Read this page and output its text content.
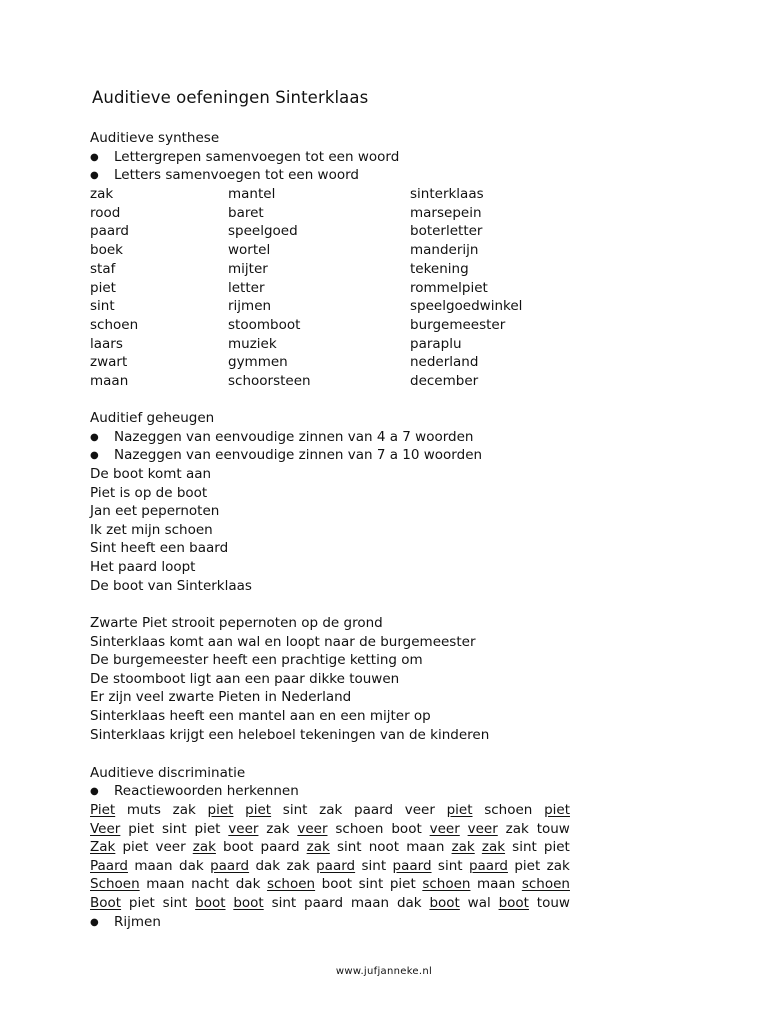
Auditieve oefeningen Sinterklaas
Auditieve synthese
● Lettergrepen samenvoegen tot een woord
● Letters samenvoegen tot een woord
zak	mantel	sinterklaas
rood	baret	marsepein
paard	speelgoed	boterletter
boek	wortel	manderijn
staf	mijter	tekening
piet	letter	rommelpiet
sint	rijmen	speelgoedwinkel
schoen	stoomboot	burgemeester
laars	muziek	paraplu
zwart	gymmen	nederland
maan	schoorsteen	december
Auditief geheugen
● Nazeggen van eenvoudige zinnen van 4 a 7 woorden
● Nazeggen van eenvoudige zinnen van 7 a 10 woorden
De boot komt aan
Piet is op de boot
Jan eet pepernoten
Ik zet mijn schoen
Sint heeft een baard
Het paard loopt
De boot van Sinterklaas
Zwarte Piet strooit pepernoten op de grond
Sinterklaas komt aan wal en loopt naar de burgemeester
De burgemeester heeft een prachtige ketting om
De stoomboot ligt aan een paar dikke touwen
Er zijn veel zwarte Pieten in Nederland
Sinterklaas heeft een mantel aan en een mijter op
Sinterklaas krijgt een heleboel tekeningen van de kinderen
Auditieve discriminatie
● Reactiewoorden herkennen
Piet muts zak piet piet sint zak paard veer piet schoen piet
Veer piet sint piet veer zak veer schoen boot veer veer zak touw
Zak piet veer zak boot paard zak sint noot maan zak zak sint piet
Paard maan dak paard dak zak paard sint paard sint paard piet zak
Schoen maan nacht dak schoen boot sint piet schoen maan schoen
Boot piet sint boot boot sint paard maan dak boot wal boot touw
● Rijmen
www.jufjanneke.nl
